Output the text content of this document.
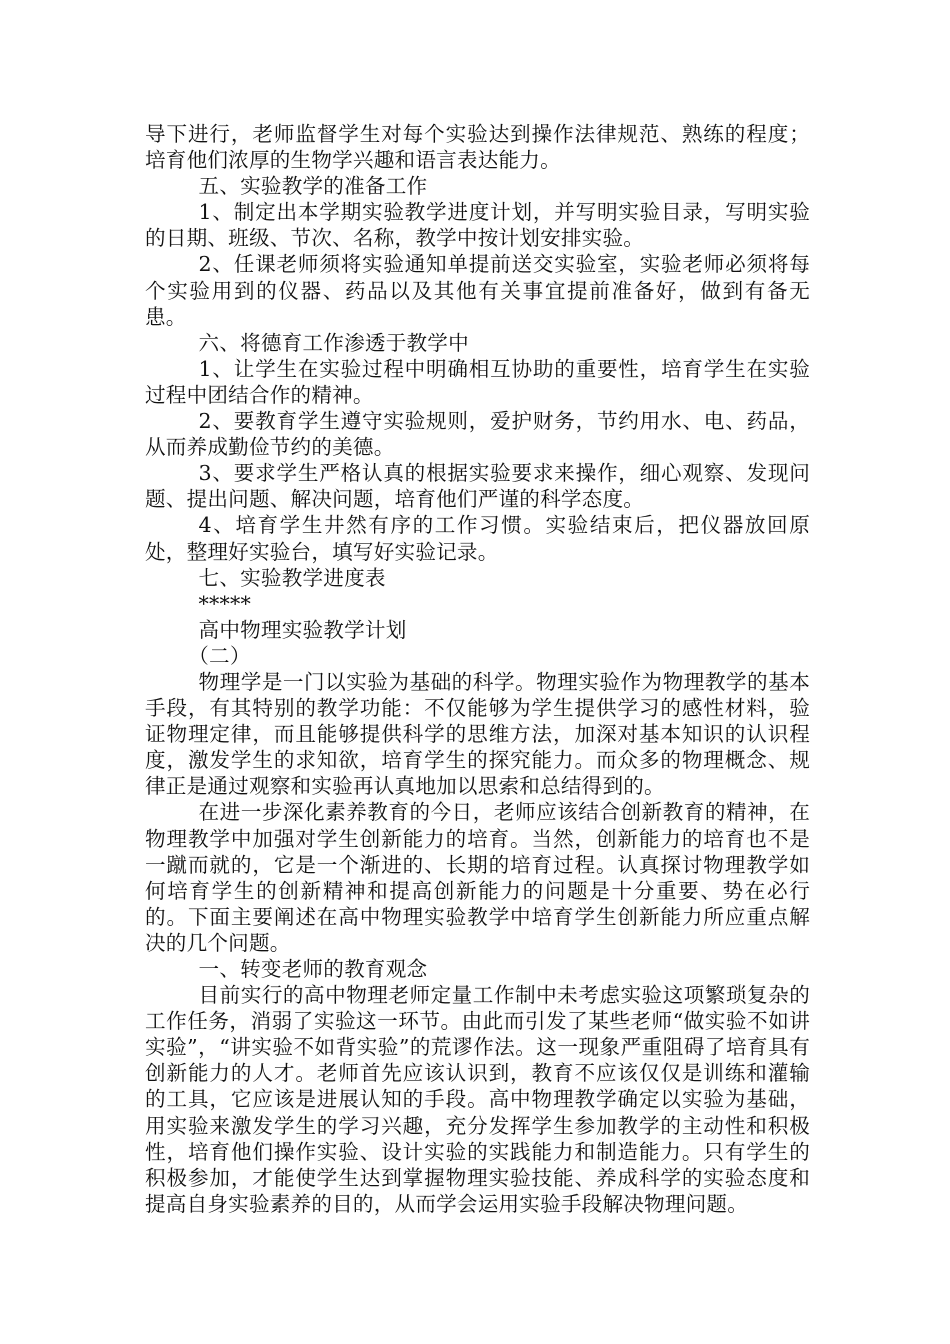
导下进行，老师监督学生对每个实验达到操作法律规范、熟练的程度；培育他们浓厚的生物学兴趣和语言表达能力。

五、实验教学的准备工作

1、制定出本学期实验教学进度计划，并写明实验目录，写明实验的日期、班级、节次、名称，教学中按计划安排实验。

2、任课老师须将实验通知单提前送交实验室，实验老师必须将每个实验用到的仪器、药品以及其他有关事宜提前准备好，做到有备无患。

六、将德育工作渗透于教学中

1、让学生在实验过程中明确相互协助的重要性，培育学生在实验过程中团结合作的精神。

2、要教育学生遵守实验规则，爱护财务，节约用水、电、药品，从而养成勤俭节约的美德。

3、要求学生严格认真的根据实验要求来操作，细心观察、发现问题、提出问题、解决问题，培育他们严谨的科学态度。

4、培育学生井然有序的工作习惯。实验结束后，把仪器放回原处，整理好实验台，填写好实验记录。

七、实验教学进度表

*****

高中物理实验教学计划

（二）

物理学是一门以实验为基础的科学。物理实验作为物理教学的基本手段，有其特别的教学功能：不仅能够为学生提供学习的感性材料，验证物理定律，而且能够提供科学的思维方法，加深对基本知识的认识程度，激发学生的求知欲，培育学生的探究能力。而众多的物理概念、规律正是通过观察和实验再认真地加以思索和总结得到的。

在进一步深化素养教育的今日，老师应该结合创新教育的精神，在物理教学中加强对学生创新能力的培育。当然，创新能力的培育也不是一蹴而就的，它是一个渐进的、长期的培育过程。认真探讨物理教学如何培育学生的创新精神和提高创新能力的问题是十分重要、势在必行的。下面主要阐述在高中物理实验教学中培育学生创新能力所应重点解决的几个问题。

一、转变老师的教育观念

目前实行的高中物理老师定量工作制中未考虑实验这项繁琐复杂的工作任务，消弱了实验这一环节。由此而引发了某些老师“做实验不如讲实验”，“讲实验不如背实验”的荒谬作法。这一现象严重阻碍了培育具有创新能力的人才。老师首先应该认识到，教育不应该仅仅是训练和灌输的工具，它应该是进展认知的手段。高中物理教学确定以实验为基础，用实验来激发学生的学习兴趣，充分发挥学生参加教学的主动性和积极性，培育他们操作实验、设计实验的实践能力和制造能力。只有学生的积极参加，才能使学生达到掌握物理实验技能、养成科学的实验态度和提高自身实验素养的目的，从而学会运用实验手段解决物理问题。
